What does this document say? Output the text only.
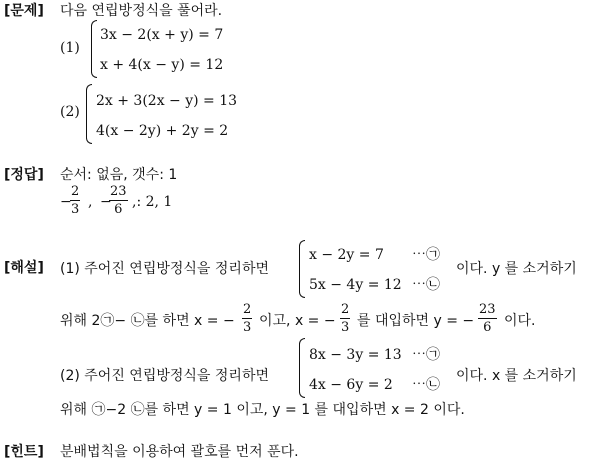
[문제] 다음 연립방정식을 풀어라.
(1)
3x − 2(x + y) = 7
x + 4(x − y) = 12
(2)
2x + 3(2x − y) = 13
4(x − 2y) + 2y = 2
[정답] 순서: 없음, 갯수: 1
−
$\frac{2}{3}$ , −
$\frac{23}{6}$ ,: 2, 1
[해설] (1) 주어진 연립방정식을 정리하면
x − 2y = 7 ⋯㉠
5x − 4y = 12 ⋯㉡
이다. y 를 소거하기
위해 2㉠− ㉡를 하면 x = − $\frac{2}{3}$ 이고, x = − $\frac{2}{3}$ 를 대입하면 y = − $\frac{23}{6}$ 이다.
(2) 주어진 연립방정식을 정리하면
8x − 3y = 13 ⋯㉠
4x − 6y = 2 ⋯㉡
이다. x 를 소거하기
위해 ㉠−2 ㉡를 하면 y = 1 이고, y = 1 를 대입하면 x = 2 이다.
[힌트] 분배법칙을 이용하여 괄호를 먼저 푼다.
